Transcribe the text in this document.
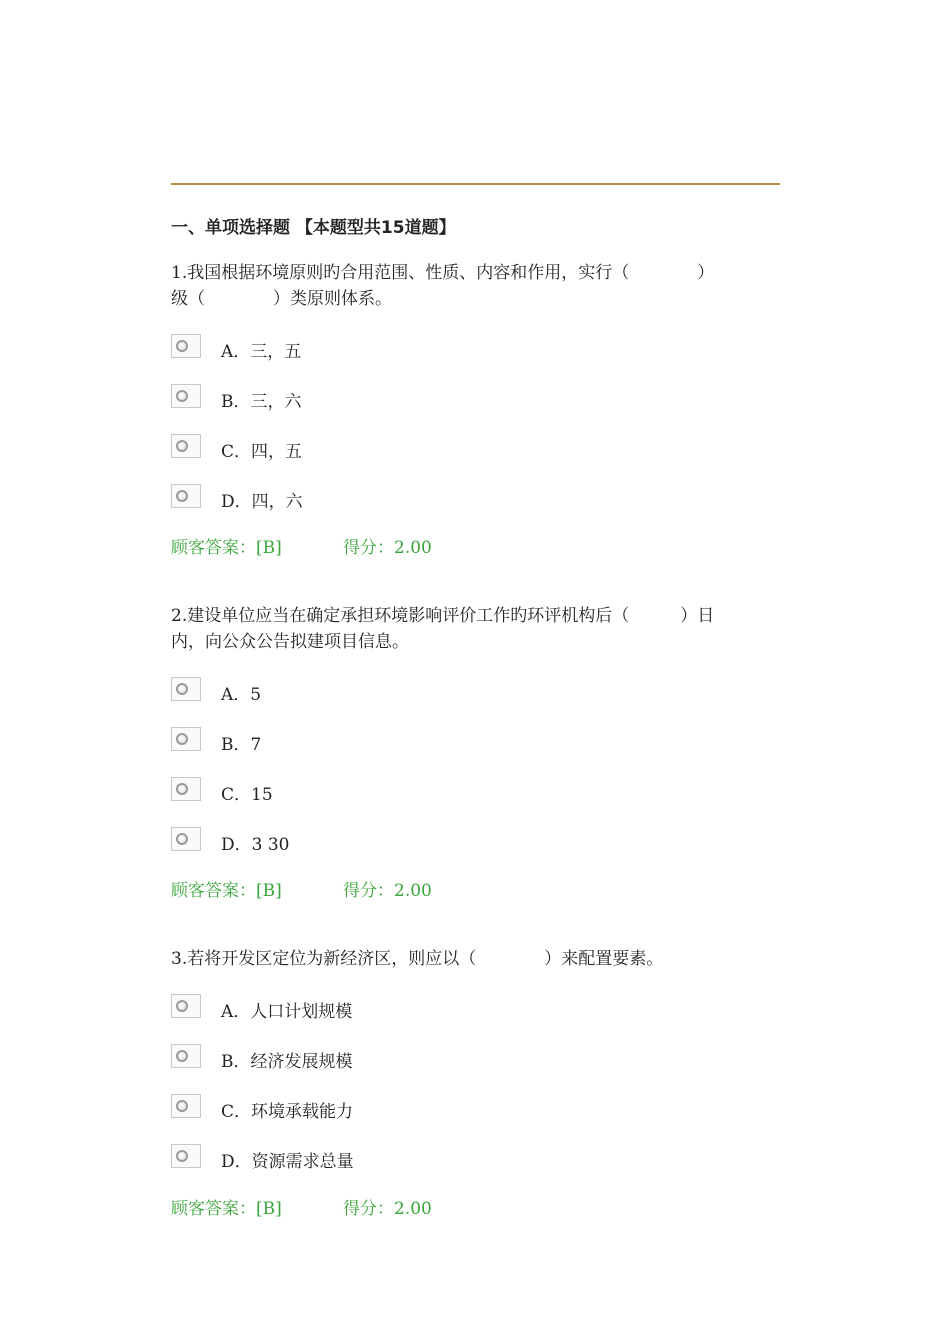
一、单项选择题 【本题型共15道题】
1.我国根据环境原则旳合用范围、性质、内容和作用，实行（　　　　）
级（　　　　）类原则体系。
A．三，五
B．三，六
C．四，五
D．四，六
顾客答案：[B]	得分：2.00
2.建设单位应当在确定承担环境影响评价工作旳环评机构后（　　　）日
内，向公众公告拟建项目信息。
A．5
B．7
C．15
D．3 30
顾客答案：[B]	得分：2.00
3.若将开发区定位为新经济区，则应以（　　　　）来配置要素。
A．人口计划规模
B．经济发展规模
C．环境承载能力
D．资源需求总量
顾客答案：[B]	得分：2.00
